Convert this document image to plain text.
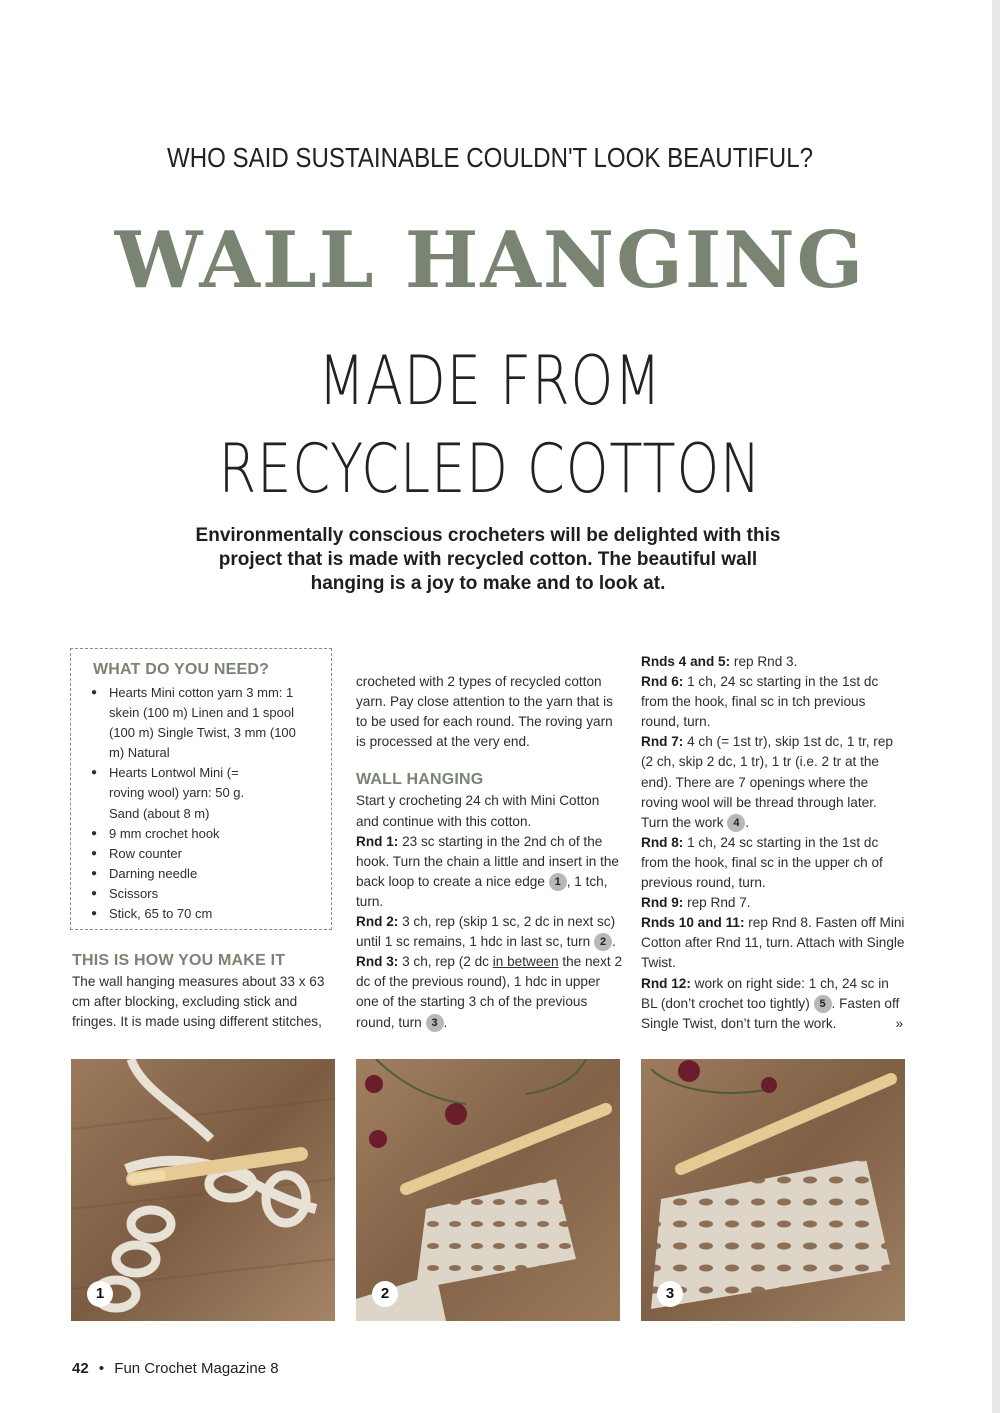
WHO SAID SUSTAINABLE COULDN'T LOOK BEAUTIFUL?
WALL HANGING
MADE FROM
RECYCLED COTTON
Environmentally conscious crocheters will be delighted with this project that is made with recycled cotton. The beautiful wall hanging is a joy to make and to look at.
WHAT DO YOU NEED?
● Hearts Mini cotton yarn 3 mm: 1 skein (100 m) Linen and 1 spool (100 m) Single Twist, 3 mm (100 m) Natural
● Hearts Lontwol Mini (= roving wool) yarn: 50 g. Sand (about 8 m)
● 9 mm crochet hook
● Row counter
● Darning needle
● Scissors
● Stick, 65 to 70 cm
THIS IS HOW YOU MAKE IT

The wall hanging measures about 33 x 63 cm after blocking, excluding stick and fringes. It is made using different stitches,

crocheted with 2 types of recycled cotton yarn. Pay close attention to the yarn that is to be used for each round. The roving yarn is processed at the very end.

WALL HANGING

Start y crocheting 24 ch with Mini Cotton and continue with this cotton.

Rnd 1: 23 sc starting in the 2nd ch of the hook. Turn the chain a little and insert in the back loop to create a nice edge 1 , 1 tch, turn.

Rnd 2: 3 ch, rep (skip 1 sc, 2 dc in next sc) until 1 sc remains, 1 hdc in last sc, turn 2 .

Rnd 3: 3 ch, rep (2 dc in between the next 2 dc of the previous round), 1 hdc in upper one of the starting 3 ch of the previous round, turn 3 .

Rnds 4 and 5: rep Rnd 3.

Rnd 6: 1 ch, 24 sc starting in the 1st dc from the hook, final sc in tch previous round, turn.

Rnd 7: 4 ch (= 1st tr), skip 1st dc, 1 tr, rep (2 ch, skip 2 dc, 1 tr), 1 tr (i.e. 2 tr at the end). There are 7 openings where the roving wool will be thread through later. Turn the work 4 .

Rnd 8: 1 ch, 24 sc starting in the 1st dc from the hook, final sc in the upper ch of previous round, turn.

Rnd 9: rep Rnd 7.

Rnds 10 and 11: rep Rnd 8. Fasten off Mini Cotton after Rnd 11, turn. Attach with Single Twist.

Rnd 12: work on right side: 1 ch, 24 sc in BL (don’t crochet too tightly) 5 . Fasten off Single Twist, don’t turn the work.	»

1	2	3
42 • Fun Crochet Magazine 8
